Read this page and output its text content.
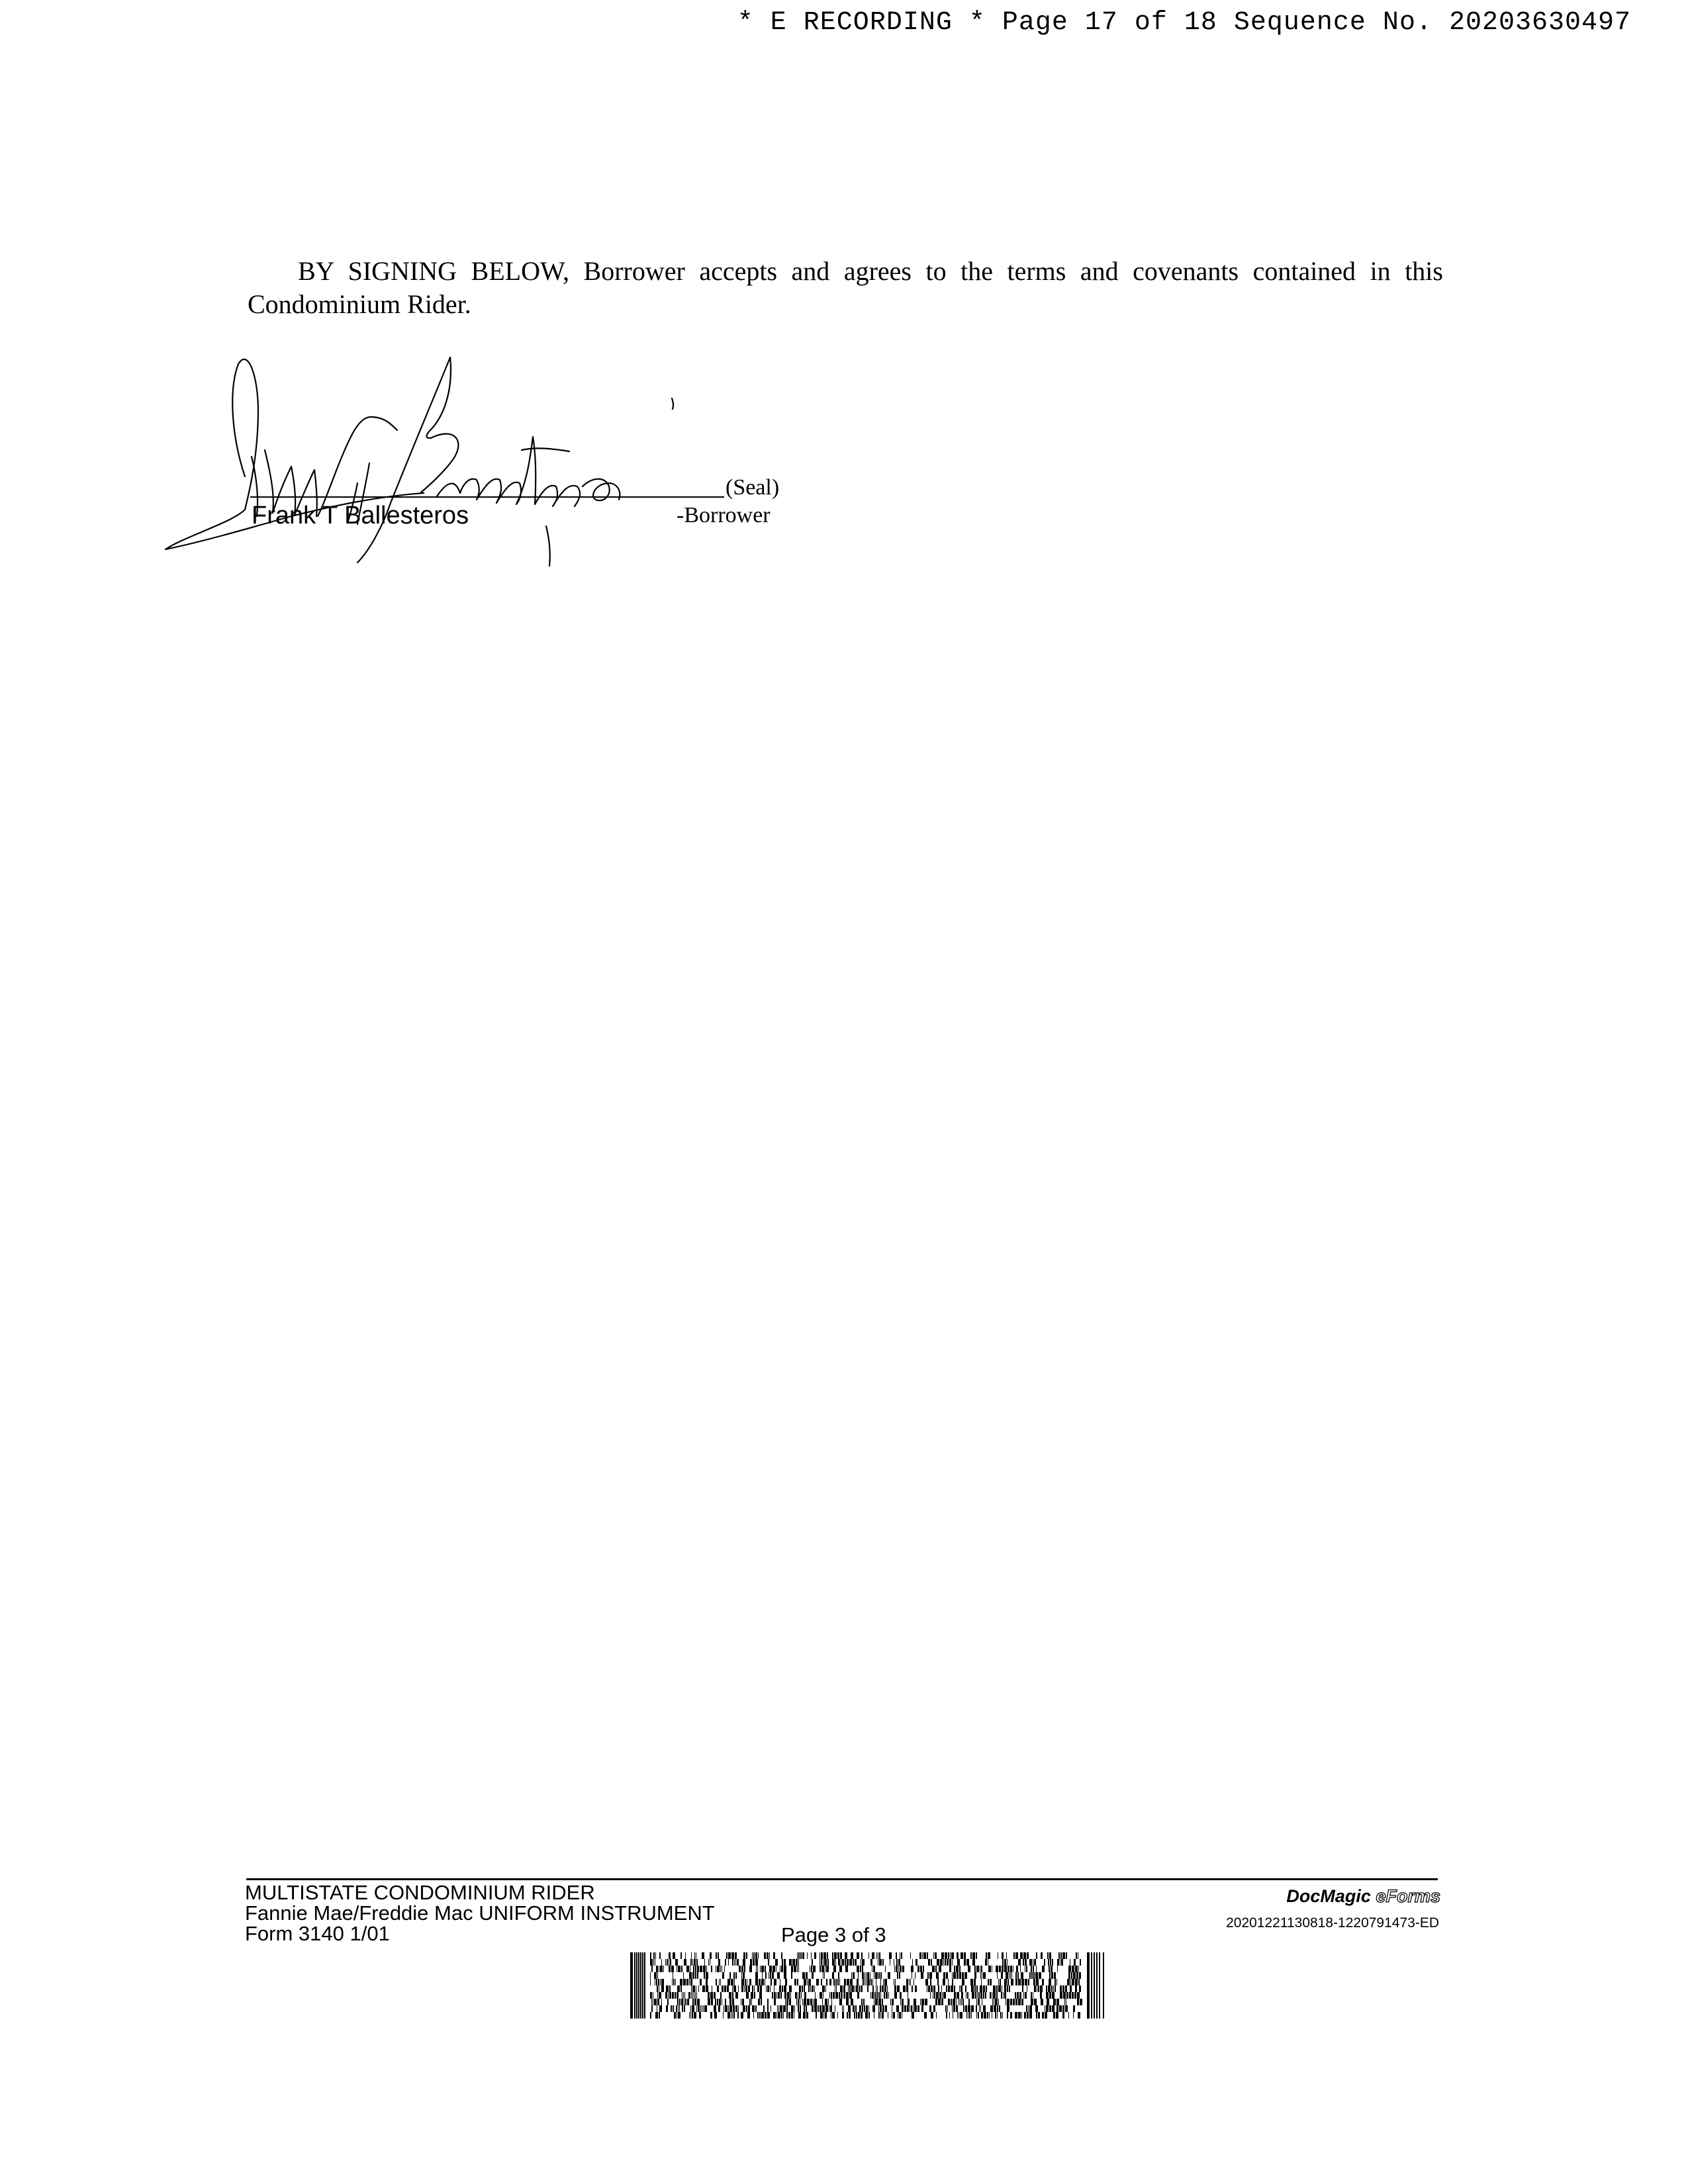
* E RECORDING * Page 17 of 18 Sequence No. 20203630497

BY SIGNING BELOW, Borrower accepts and agrees to the terms and covenants contained in this Condominium Rider.

(Seal)
Frank T Ballesteros	-Borrower
MULTISTATE CONDOMINIUM RIDER
Fannie Mae/Freddie Mac UNIFORM INSTRUMENT
Form 3140 1/01	Page 3 of 3
DocMagic eForms
20201221130818-1220791473-ED
